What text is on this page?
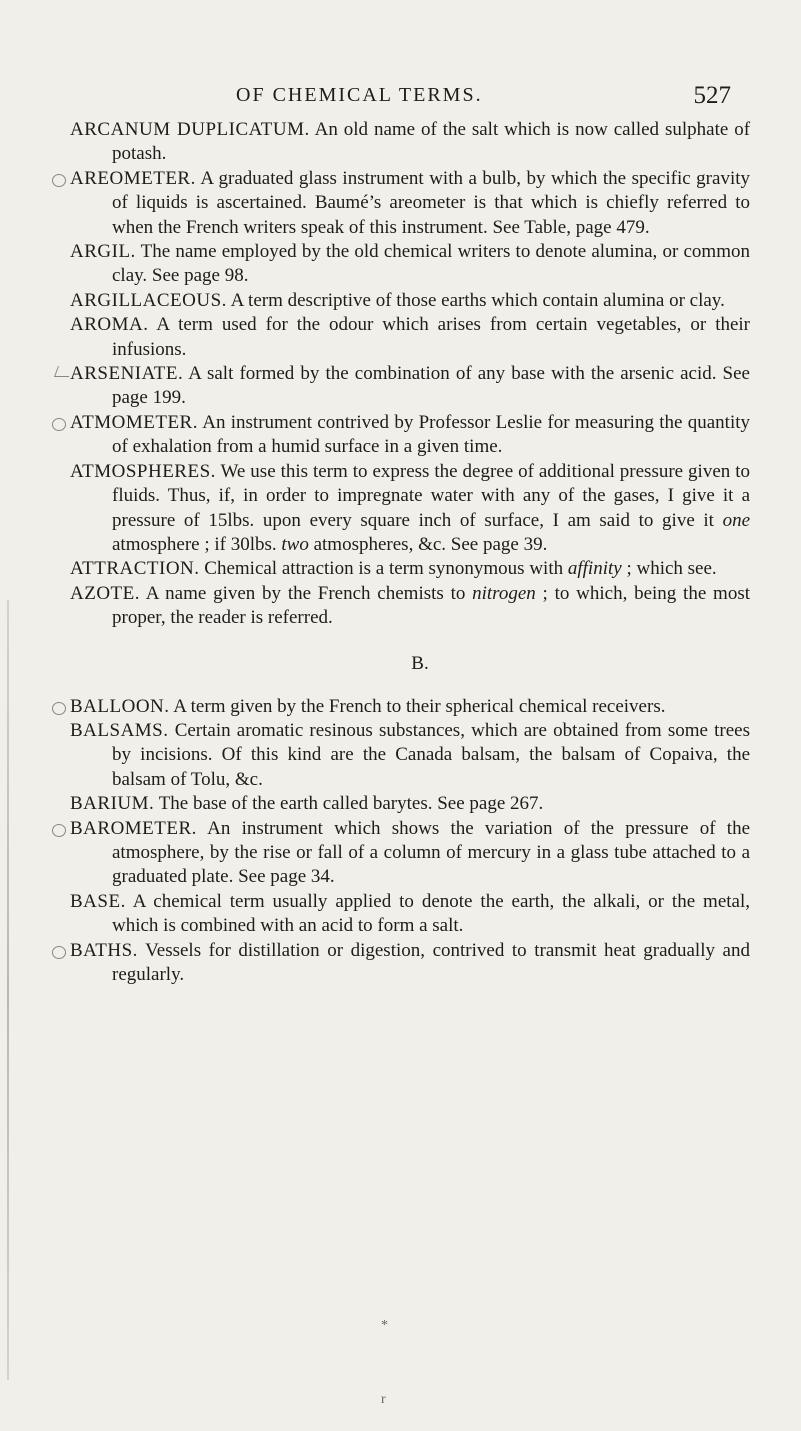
OF CHEMICAL TERMS.	527
ARCANUM DUPLICATUM. An old name of the salt which is now called sulphate of potash.
AREOMETER. A graduated glass instrument with a bulb, by which the specific gravity of liquids is ascertained. Baumé’s areometer is that which is chiefly referred to when the French writers speak of this instrument. See Table, page 479.
ARGIL. The name employed by the old chemical writers to denote alumina, or common clay. See page 98.
ARGILLACEOUS. A term descriptive of those earths which contain alumina or clay.
AROMA. A term used for the odour which arises from certain vegetables, or their infusions.
ARSENIATE. A salt formed by the combination of any base with the arsenic acid. See page 199.
ATMOMETER. An instrument contrived by Professor Leslie for measuring the quantity of exhalation from a humid surface in a given time.
ATMOSPHERES. We use this term to express the degree of additional pressure given to fluids. Thus, if, in order to impregnate water with any of the gases, I give it a pressure of 15lbs. upon every square inch of surface, I am said to give it one atmosphere ; if 30lbs. two atmospheres, &c. See page 39.
ATTRACTION. Chemical attraction is a term synonymous with affinity ; which see.
AZOTE. A name given by the French chemists to nitrogen ; to which, being the most proper, the reader is referred.
B.
BALLOON. A term given by the French to their spherical chemical receivers.
BALSAMS. Certain aromatic resinous substances, which are obtained from some trees by incisions. Of this kind are the Canada balsam, the balsam of Copaiva, the balsam of Tolu, &c.
BARIUM. The base of the earth called barytes. See page 267.
BAROMETER. An instrument which shows the variation of the pressure of the atmosphere, by the rise or fall of a column of mercury in a glass tube attached to a graduated plate. See page 34.
BASE. A chemical term usually applied to denote the earth, the alkali, or the metal, which is combined with an acid to form a salt.
BATHS. Vessels for distillation or digestion, contrived to transmit heat gradually and regularly.
*
r
